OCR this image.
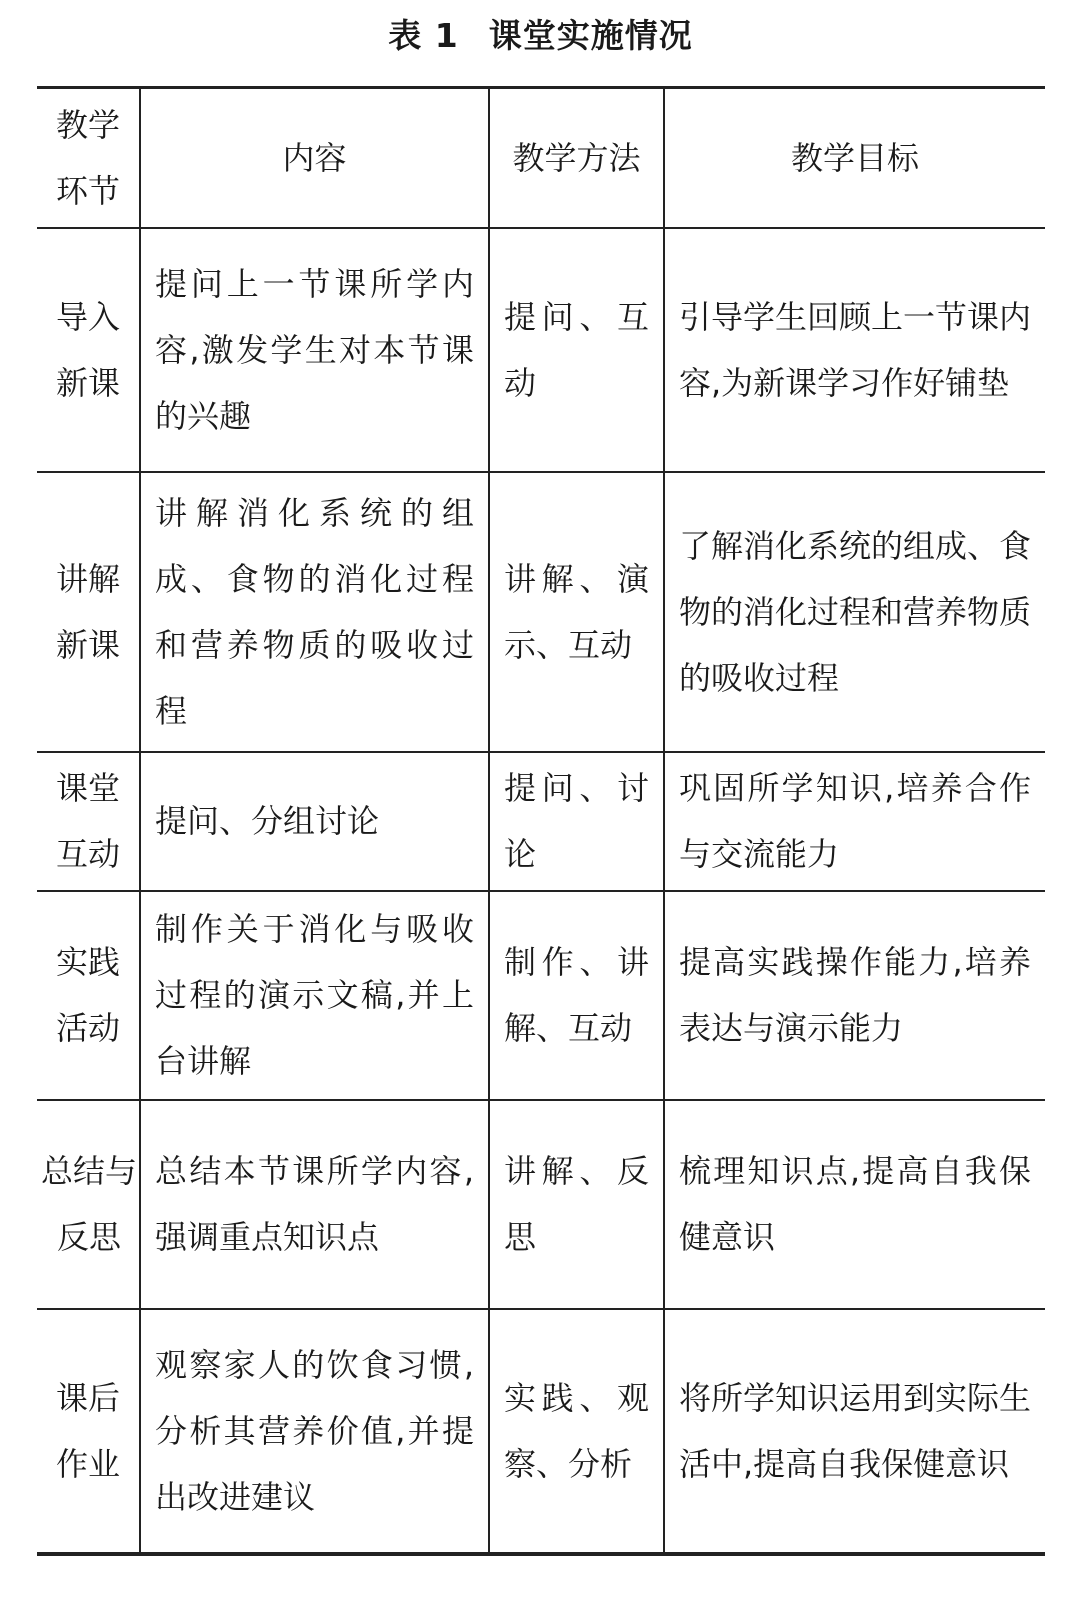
表 1 课堂实施情况
教学环节	内容	教学方法	教学目标
导入新课	提问上一节课所学内容,激发学生对本节课的兴趣	提问、互动	引导学生回顾上一节课内容,为新课学习作好铺垫
讲解新课	讲解消化系统的组成、食物的消化过程和营养物质的吸收过程	讲解、演示、互动	了解消化系统的组成、食物的消化过程和营养物质的吸收过程
课堂互动	提问、分组讨论	提问、讨论	巩固所学知识,培养合作与交流能力
实践活动	制作关于消化与吸收过程的演示文稿,并上台讲解	制作、讲解、互动	提高实践操作能力,培养表达与演示能力
总结与反思	总结本节课所学内容,强调重点知识点	讲解、反思	梳理知识点,提高自我保健意识
课后作业	观察家人的饮食习惯,分析其营养价值,并提出改进建议	实践、观察、分析	将所学知识运用到实际生活中,提高自我保健意识
